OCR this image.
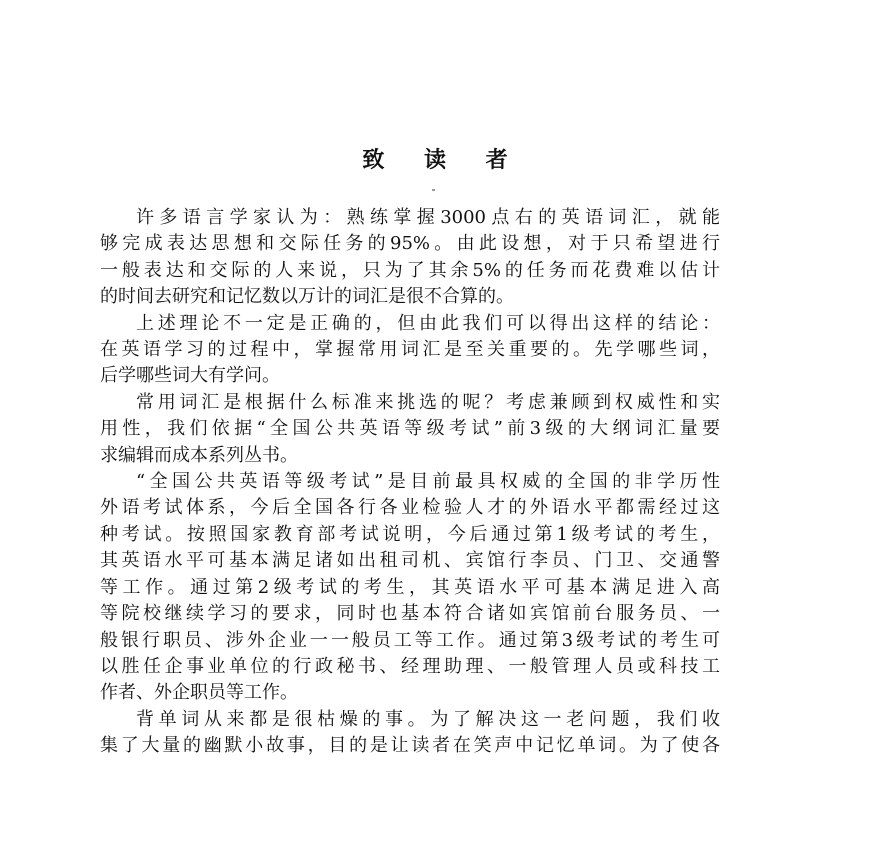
致 读 者
许多语言学家认为：熟练掌握3000点右的英语词汇，就能
够完成表达思想和交际任务的95%。由此设想，对于只希望进行
一般表达和交际的人来说，只为了其余5%的任务而花费难以估计
的时间去研究和记忆数以万计的词汇是很不合算的。
上述理论不一定是正确的，但由此我们可以得出这样的结论：
在英语学习的过程中，掌握常用词汇是至关重要的。先学哪些词，
后学哪些词大有学问。
常用词汇是根据什么标准来挑选的呢？考虑兼顾到权威性和实
用性，我们依据“全国公共英语等级考试”前3级的大纲词汇量要
求编辑而成本系列丛书。
“全国公共英语等级考试”是目前最具权威的全国的非学历性
外语考试体系，今后全国各行各业检验人才的外语水平都需经过这
种考试。按照国家教育部考试说明，今后通过第1级考试的考生，
其英语水平可基本满足诸如出租司机、宾馆行李员、门卫、交通警
等工作。通过第2级考试的考生，其英语水平可基本满足进入高
等院校继续学习的要求，同时也基本符合诸如宾馆前台服务员、一
般银行职员、涉外企业一一般员工等工作。通过第3级考试的考生可
以胜任企事业单位的行政秘书、经理助理、一般管理人员或科技工
作者、外企职员等工作。
背单词从来都是很枯燥的事。为了解决这一老问题，我们收
集了大量的幽默小故事，目的是让读者在笑声中记忆单词。为了使各
